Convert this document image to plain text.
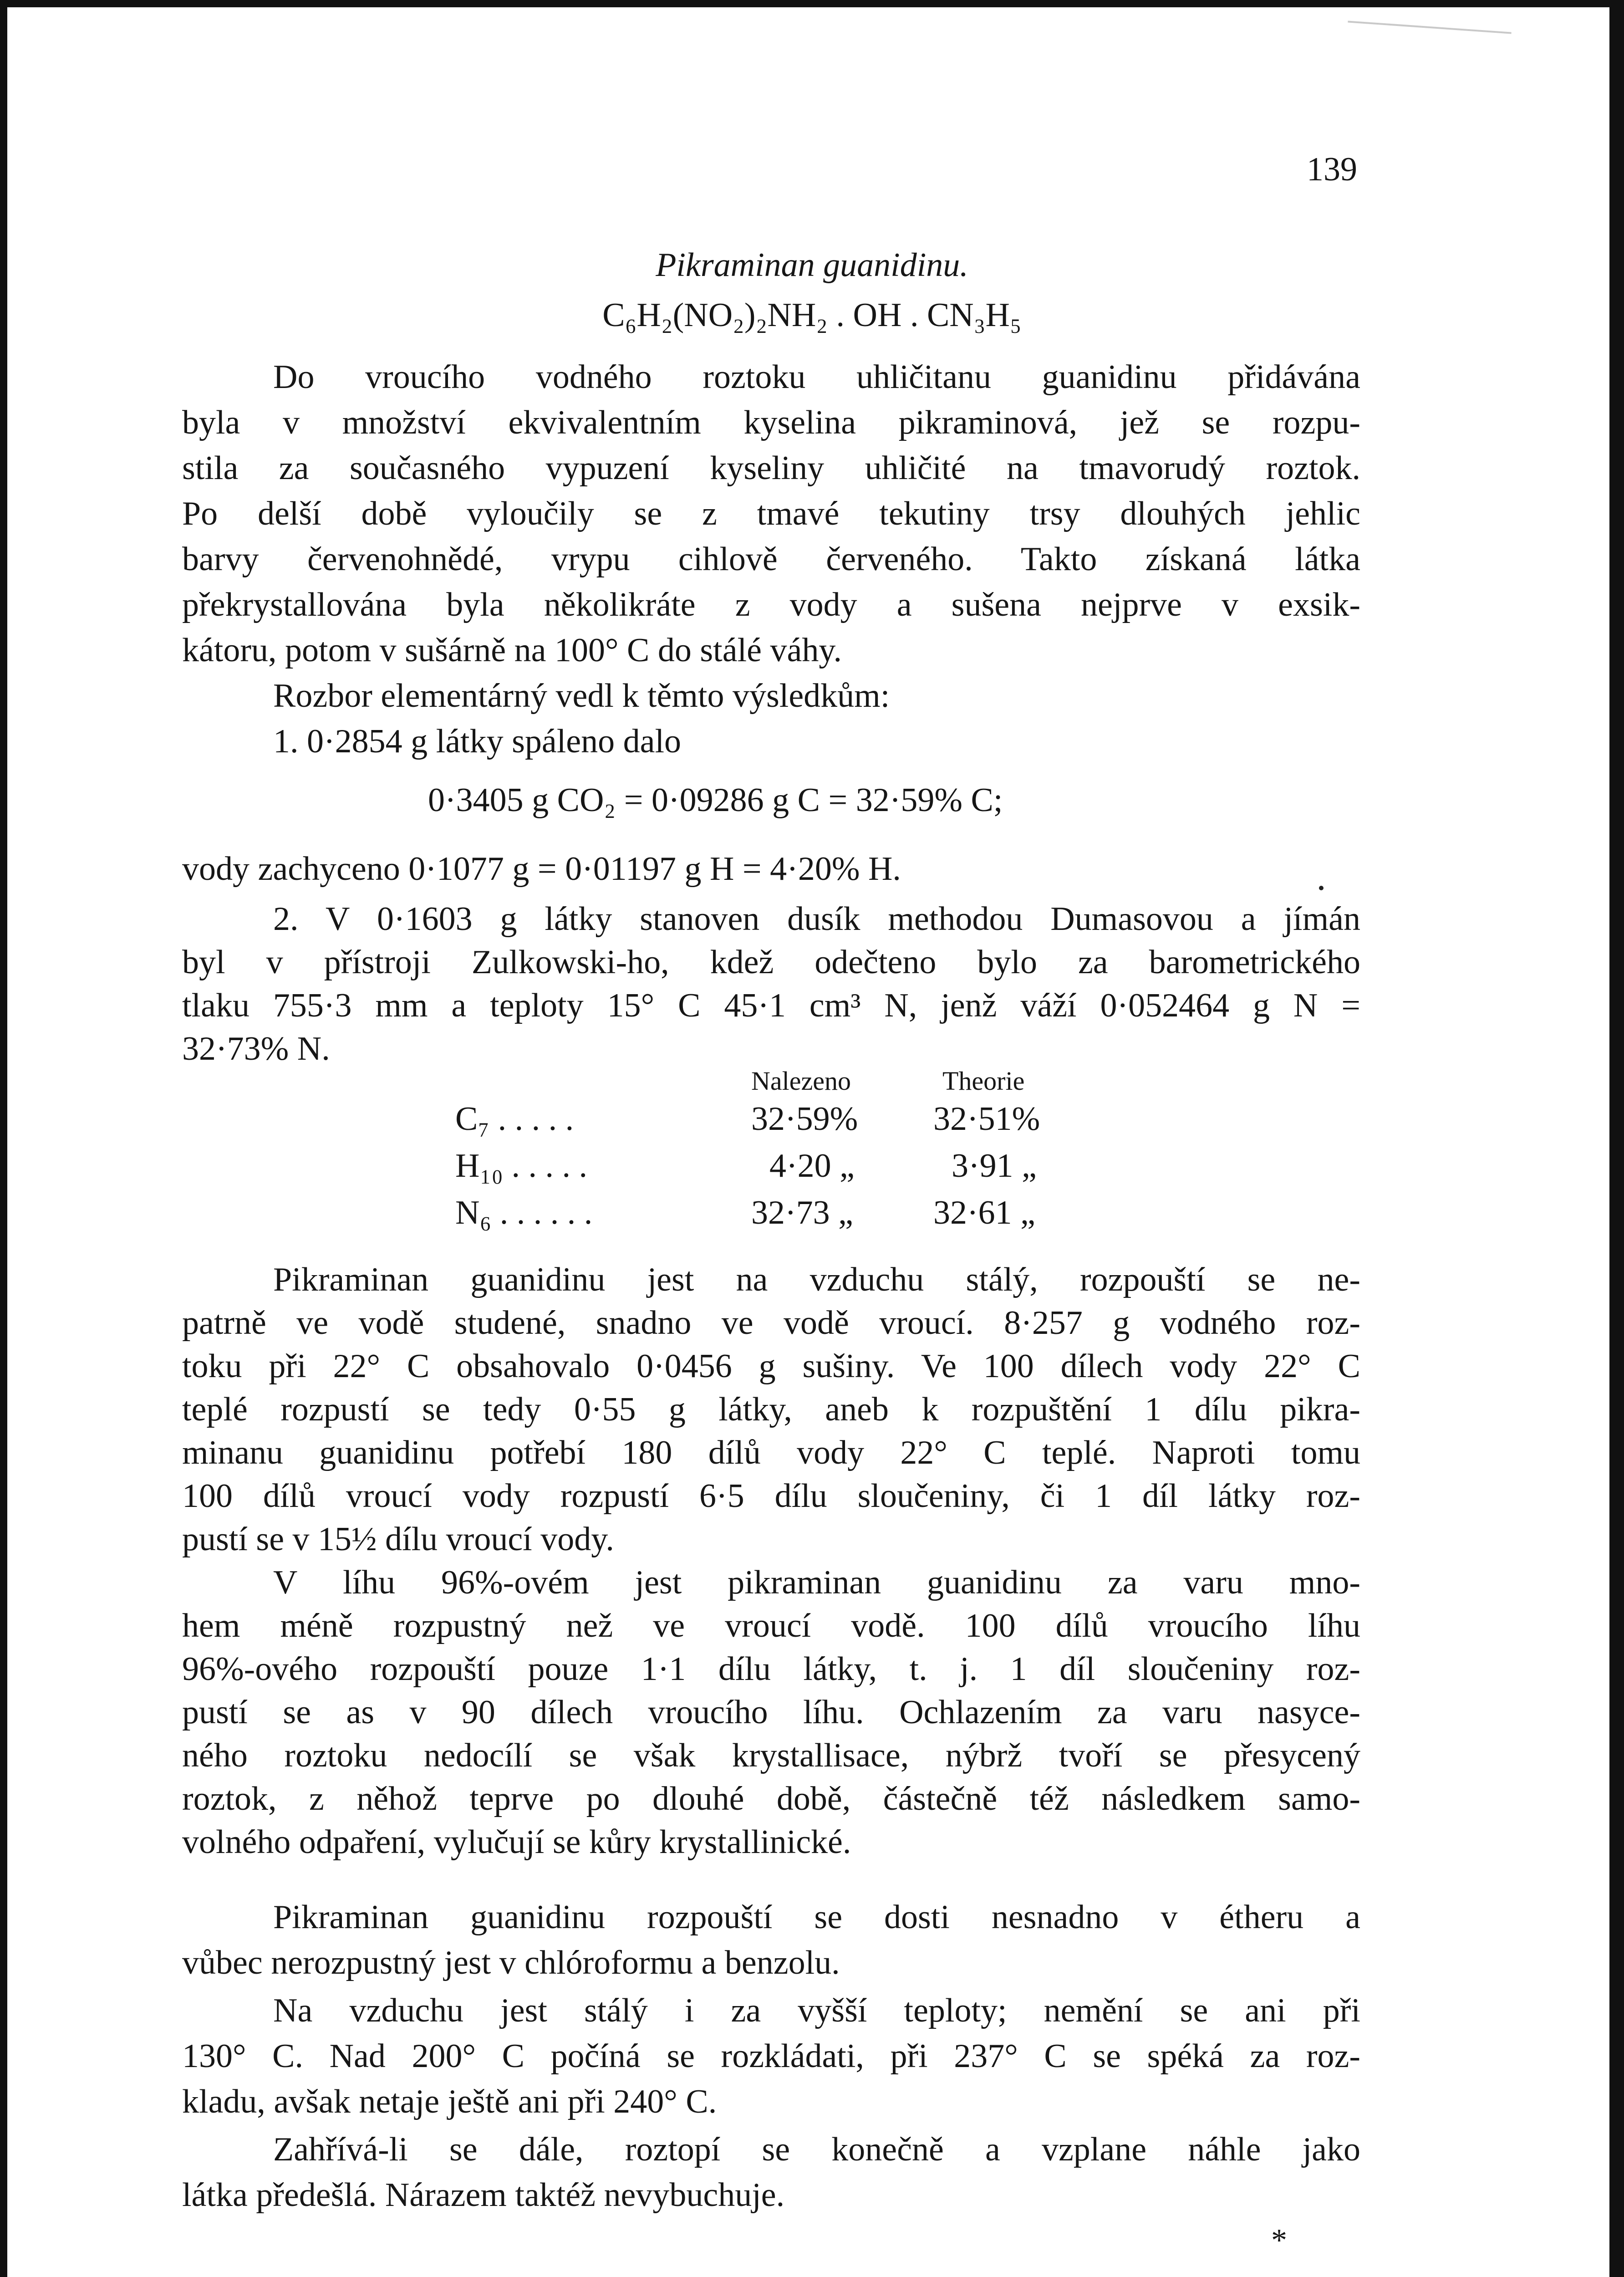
139
Pikraminan guanidinu.
C₆H₂(NO₂)₂NH₂ . OH . CN₃H₅
Do vroucího vodného roztoku uhličitanu guanidinu přidávána
byla v množství ekvivalentním kyselina pikraminová, jež se rozpu-
stila za současného vypuzení kyseliny uhličité na tmavorudý roztok.
Po delší době vyloučily se z tmavé tekutiny trsy dlouhých jehlic
barvy červenohnědé, vrypu cihlově červeného. Takto získaná látka
překrystallována byla několikráte z vody a sušena nejprve v exsik-
kátoru, potom v sušárně na 100° C do stálé váhy.
Rozbor elementárný vedl k těmto výsledkům:
1. 0·2854 g látky spáleno dalo
0·3405 g CO₂ = 0·09286 g C = 32·59% C;
vody zachyceno 0·1077 g = 0·01197 g H = 4·20% H.
2. V 0·1603 g látky stanoven dusík methodou Dumasovou a jímán
byl v přístroji Zulkowski-ho, kdež odečteno bylo za barometrického
tlaku 755·3 mm a teploty 15° C 45·1 cm³ N, jenž váží 0·052464 g N =
32·73% N.
Nalezeno	Theorie
C₇ . . . . .	32·59% 32·51%
H₁₀ . . . . .	4·20 „	3·91 „
N₆ . . . . . .	32·73 „ 32·61 „
Pikraminan guanidinu jest na vzduchu stálý, rozpouští se ne-
patrně ve vodě studené, snadno ve vodě vroucí. 8·257 g vodného roz-
toku při 22° C obsahovalo 0·0456 g sušiny. Ve 100 dílech vody 22° C
teplé rozpustí se tedy 0·55 g látky, aneb k rozpuštění 1 dílu pikra-
minanu guanidinu potřebí 180 dílů vody 22° C teplé. Naproti tomu
100 dílů vroucí vody rozpustí 6·5 dílu sloučeniny, či 1 díl látky roz-
pustí se v 15½ dílu vroucí vody.
V líhu 96%-ovém jest pikraminan guanidinu za varu mno-
hem méně rozpustný než ve vroucí vodě. 100 dílů vroucího líhu
96%-ového rozpouští pouze 1·1 dílu látky, t. j. 1 díl sloučeniny roz-
pustí se as v 90 dílech vroucího líhu. Ochlazením za varu nasyce-
ného roztoku nedocílí se však krystallisace, nýbrž tvoří se přesycený
roztok, z něhož teprve po dlouhé době, částečně též následkem samo-
volného odpaření, vylučují se kůry krystallinické.
Pikraminan guanidinu rozpouští se dosti nesnadno v étheru a
vůbec nerozpustný jest v chlóroformu a benzolu.
Na vzduchu jest stálý i za vyšší teploty; nemění se ani při
130° C. Nad 200° C počíná se rozkládati, při 237° C se spéká za roz-
kladu, avšak netaje ještě ani při 240° C.
Zahřívá-li se dále, roztopí se konečně a vzplane náhle jako
látka předešlá. Nárazem taktéž nevybuchuje.
*
